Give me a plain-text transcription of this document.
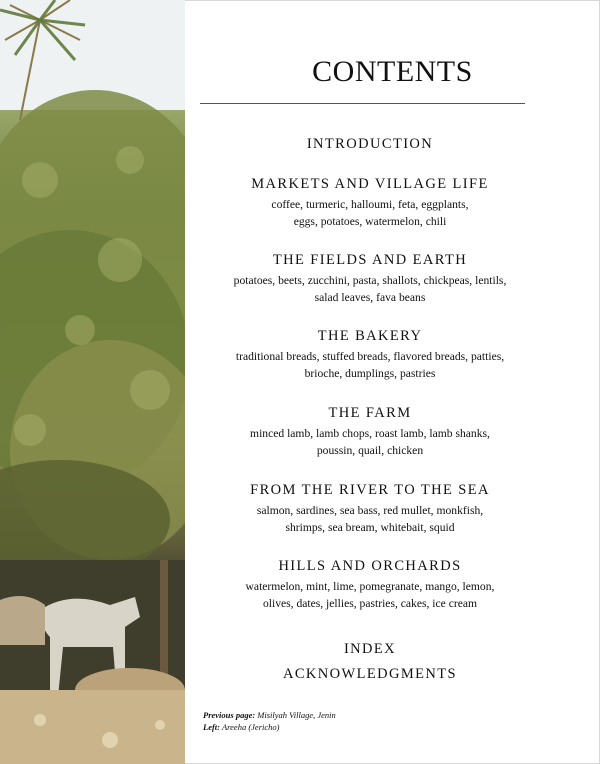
CONTENTS
INTRODUCTION
MARKETS AND VILLAGE LIFE
coffee, turmeric, halloumi, feta, eggplants,
eggs, potatoes, watermelon, chili
THE FIELDS AND EARTH
potatoes, beets, zucchini, pasta, shallots, chickpeas, lentils,
salad leaves, fava beans
THE BAKERY
traditional breads, stuffed breads, flavored breads, patties,
brioche, dumplings, pastries
THE FARM
minced lamb, lamb chops, roast lamb, lamb shanks,
poussin, quail, chicken
FROM THE RIVER TO THE SEA
salmon, sardines, sea bass, red mullet, monkfish,
shrimps, sea bream, whitebait, squid
HILLS AND ORCHARDS
watermelon, mint, lime, pomegranate, mango, lemon,
olives, dates, jellies, pastries, cakes, ice cream
INDEX
ACKNOWLEDGMENTS
Previous page: Misilyah Village, Jenin
Left: Areeha (Jericho)
